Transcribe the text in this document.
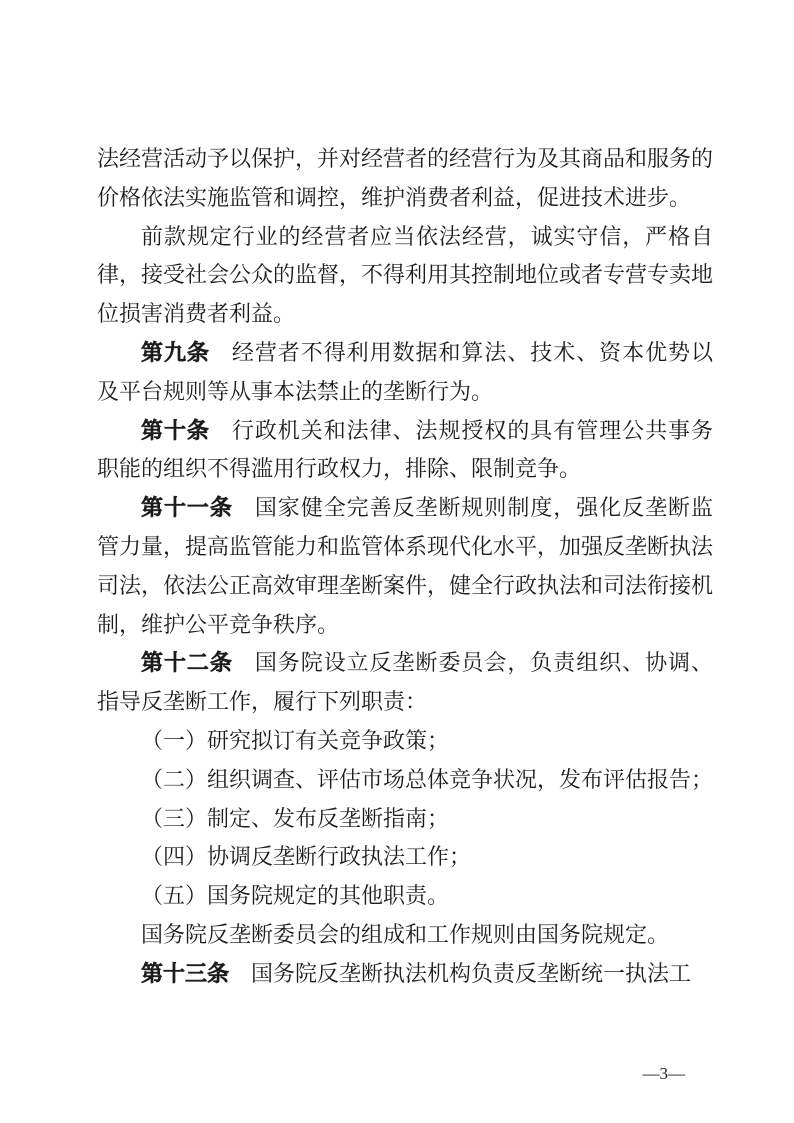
法经营活动予以保护，并对经营者的经营行为及其商品和服务的价格依法实施监管和调控，维护消费者利益，促进技术进步。

前款规定行业的经营者应当依法经营，诚实守信，严格自律，接受社会公众的监督，不得利用其控制地位或者专营专卖地位损害消费者利益。

第九条 经营者不得利用数据和算法、技术、资本优势以及平台规则等从事本法禁止的垄断行为。

第十条 行政机关和法律、法规授权的具有管理公共事务职能的组织不得滥用行政权力，排除、限制竞争。

第十一条 国家健全完善反垄断规则制度，强化反垄断监管力量，提高监管能力和监管体系现代化水平，加强反垄断执法司法，依法公正高效审理垄断案件，健全行政执法和司法衔接机制，维护公平竞争秩序。

第十二条 国务院设立反垄断委员会，负责组织、协调、指导反垄断工作，履行下列职责：

（一）研究拟订有关竞争政策；

（二）组织调查、评估市场总体竞争状况，发布评估报告；

（三）制定、发布反垄断指南；

（四）协调反垄断行政执法工作；

（五）国务院规定的其他职责。

国务院反垄断委员会的组成和工作规则由国务院规定。

第十三条 国务院反垄断执法机构负责反垄断统一执法工

—3—
